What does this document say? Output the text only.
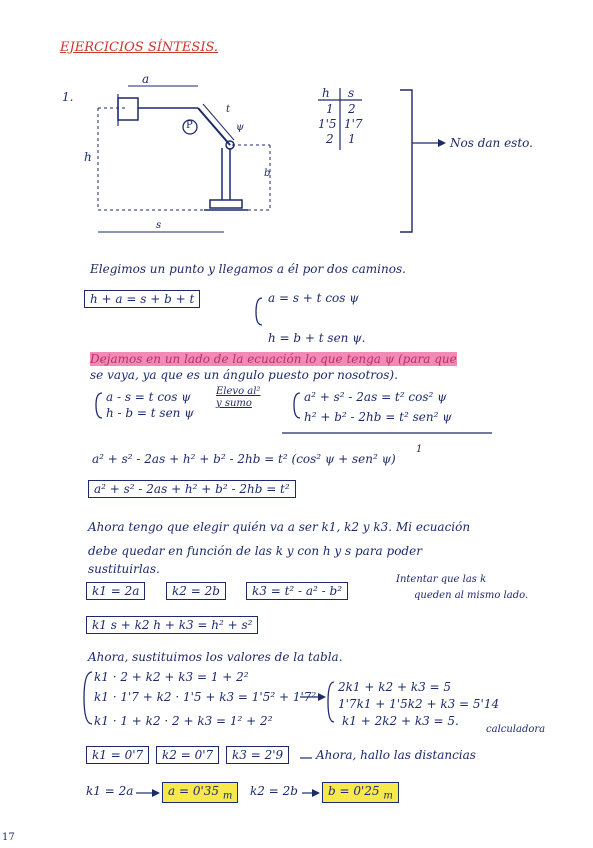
EJERCICIOS SÍNTESIS.
1.
a
t
ψ
h
b
s
P
h s
1 2
1'5 1'7
2 1	Nos dan esto.
Elegimos un punto y llegamos a él por dos caminos.
h + a = s + b + t	a = s + t cos ψ
h = b + t sen ψ.
Dejamos en un lado de la ecuación lo que tenga ψ (para que
se vaya, ya que es un ángulo puesto por nosotros).
a - s = t cos ψ
h - b = t sen ψ
Elevo al²
y sumo	a² + s² - 2as = t² cos² ψ
h² + b² - 2hb = t² sen² ψ
a² + s² - 2as + h² + b² - 2hb = t² (cos² ψ + sen² ψ)
1
a² + s² - 2as + h² + b² - 2hb = t²
Ahora tengo que elegir quién va a ser k1, k2 y k3. Mi ecuación
debe quedar en función de las k y con h y s para poder
sustituirlas.
k1 = 2a	k2 = 2b	k3 = t² - a² - b²
Intentar que las k
queden al mismo lado.
k1 s + k2 h + k3 = h² + s²
Ahora, sustituimos los valores de la tabla.
k1 · 2 + k2 + k3 = 1 + 2²
k1 · 1'7 + k2 · 1'5 + k3 = 1'5² + 1'7²
k1 · 1 + k2 · 2 + k3 = 1² + 2²
2k1 + k2 + k3 = 5
1'7k1 + 1'5k2 + k3 = 5'14
k1 + 2k2 + k3 = 5.
calculadora
k1 = 0'7	k2 = 0'7	k3 = 2'9	Ahora, hallo las distancias
k1 = 2a	a = 0'35 $_m$	k2 = 2b	b = 0'25 $_m$
17
